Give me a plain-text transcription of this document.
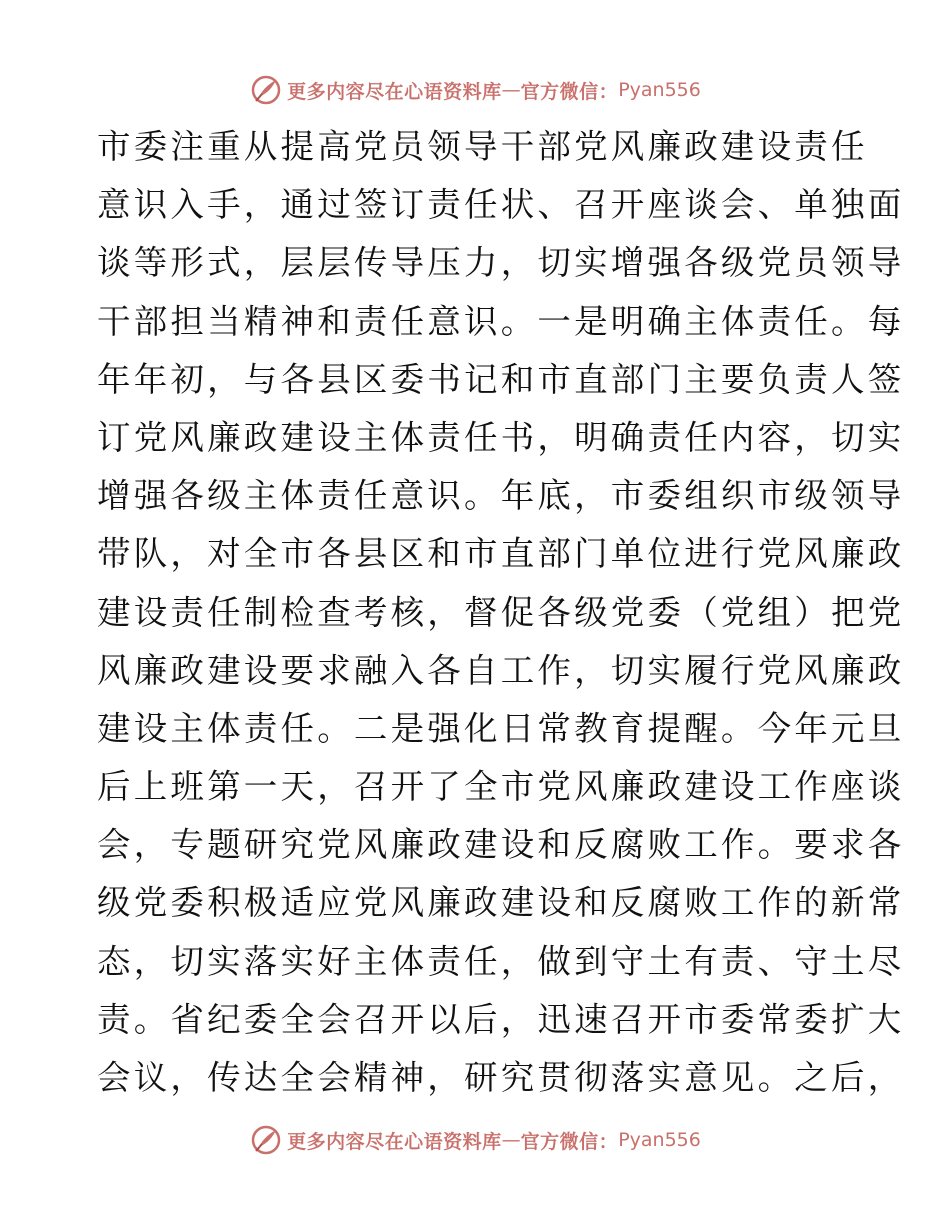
更多内容尽在心语资料库 — 官方微信： Pyan556
市委注重从提高党员领导干部党风廉政建设责任
意识入手，通过签订责任状、召开座谈会、单独面
谈等形式，层层传导压力，切实增强各级党员领导
干部担当精神和责任意识。一是明确主体责任。每
年年初，与各县区委书记和市直部门主要负责人签
订党风廉政建设主体责任书，明确责任内容，切实
增强各级主体责任意识。年底，市委组织市级领导
带队，对全市各县区和市直部门单位进行党风廉政
建设责任制检查考核，督促各级党委（党组）把党
风廉政建设要求融入各自工作，切实履行党风廉政
建设主体责任。二是强化日常教育提醒。今年元旦
后上班第一天，召开了全市党风廉政建设工作座谈
会，专题研究党风廉政建设和反腐败工作。要求各
级党委积极适应党风廉政建设和反腐败工作的新常
态，切实落实好主体责任，做到守土有责、守土尽
责。省纪委全会召开以后，迅速召开市委常委扩大
会议，传达全会精神，研究贯彻落实意见。之后，
更多内容尽在心语资料库 — 官方微信： Pyan556
